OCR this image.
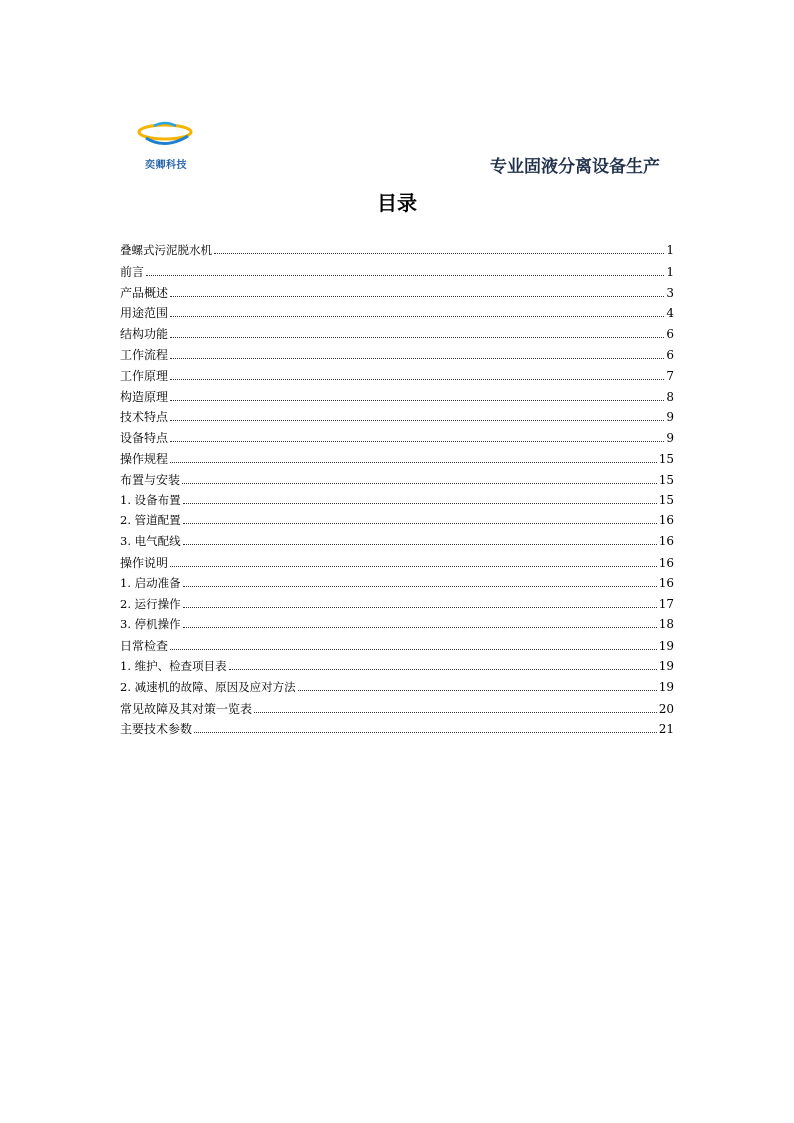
奕卿科技	专业固液分离设备生产
目录
叠螺式污泥脱水机	1
前言	1
产品概述	3
用途范围	4
结构功能	6
工作流程	6
工作原理	7
构造原理	8
技术特点	9
设备特点	9
操作规程	15
布置与安装	15
1. 设备布置	15
2. 管道配置	16
3. 电气配线	16
操作说明	16
1. 启动准备	16
2. 运行操作	17
3. 停机操作	18
日常检查	19
1. 维护、检查项目表	19
2. 减速机的故障、原因及应对方法	19
常见故障及其对策一览表	20
主要技术参数	21
